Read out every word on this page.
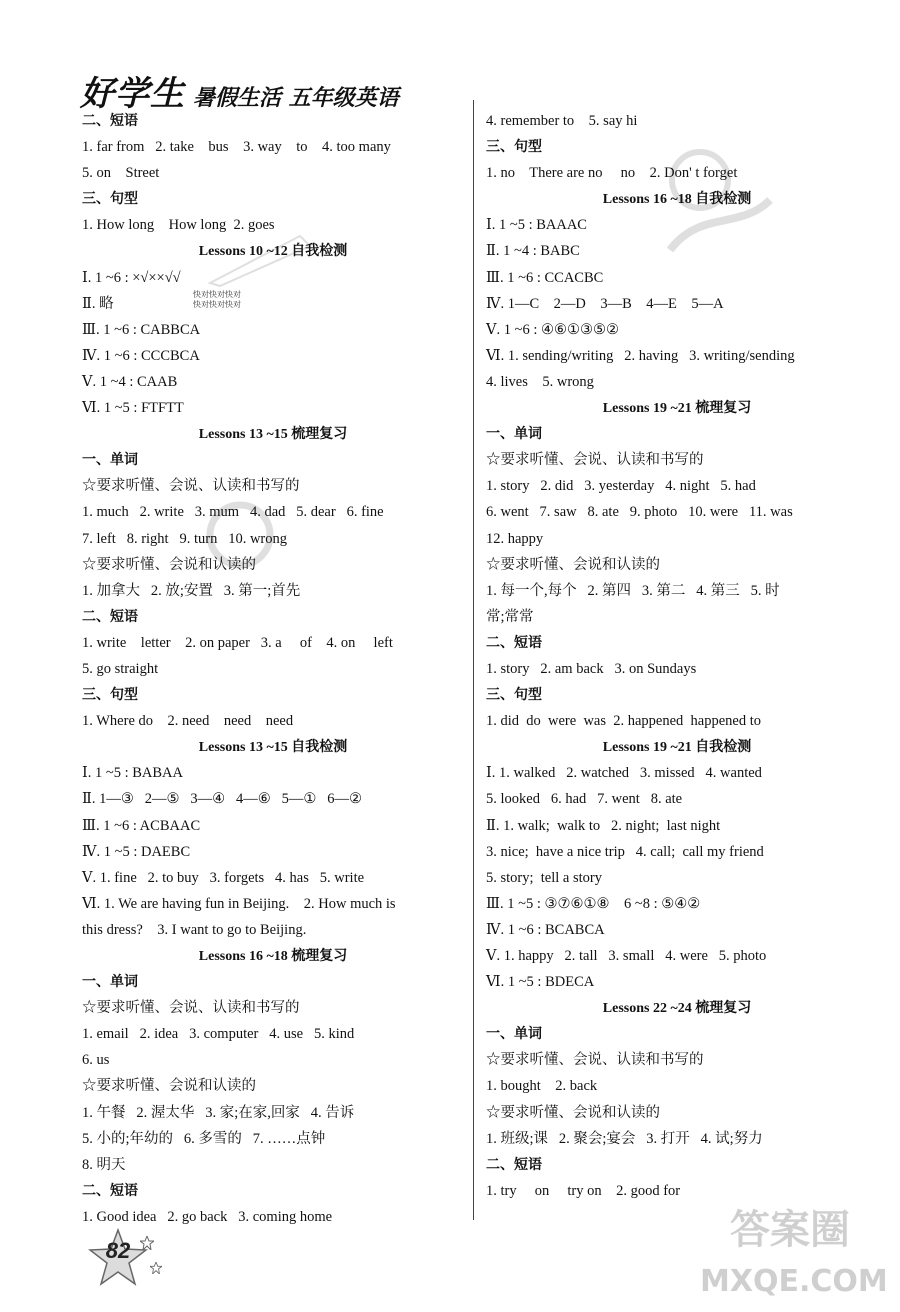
好学生 暑假生活 五年级英语
二、短语
1. far from   2. take    bus    3. way    to    4. too many
5. on    Street
三、句型
1. How long    How long  2. goes
Lessons 10 ~12 自我检测
Ⅰ. 1 ~6 : ×√××√√
Ⅱ. 略
Ⅲ. 1 ~6 : CABBCA
Ⅳ. 1 ~6 : CCCBCA
Ⅴ. 1 ~4 : CAAB
Ⅵ. 1 ~5 : FTFTT
Lessons 13 ~15 梳理复习
一、单词
☆要求听懂、会说、认读和书写的
1. much   2. write   3. mum   4. dad   5. dear   6. fine
7. left   8. right   9. turn   10. wrong
☆要求听懂、会说和认读的
1. 加拿大   2. 放;安置   3. 第一;首先
二、短语
1. write    letter    2. on paper   3. a     of    4. on     left
5. go straight
三、句型
1. Where do    2. need    need    need
Lessons 13 ~15 自我检测
Ⅰ. 1 ~5 : BABAA
Ⅱ. 1—③   2—⑤   3—④   4—⑥   5—①   6—②
Ⅲ. 1 ~6 : ACBAAC
Ⅳ. 1 ~5 : DAEBC
Ⅴ. 1. fine   2. to buy   3. forgets   4. has   5. write
Ⅵ. 1. We are having fun in Beijing.    2. How much is
this dress?    3. I want to go to Beijing.
Lessons 16 ~18 梳理复习
一、单词
☆要求听懂、会说、认读和书写的
1. email   2. idea   3. computer   4. use   5. kind
6. us
☆要求听懂、会说和认读的
1. 午餐   2. 渥太华   3. 家;在家,回家   4. 告诉
5. 小的;年幼的   6. 多雪的   7. ……点钟
8. 明天
二、短语
1. Good idea   2. go back   3. coming home
4. remember to    5. say hi
三、句型
1. no    There are no     no    2. Don' t forget
Lessons 16 ~18 自我检测
Ⅰ. 1 ~5 : BAAAC
Ⅱ. 1 ~4 : BABC
Ⅲ. 1 ~6 : CCACBC
Ⅳ. 1—C    2—D    3—B    4—E    5—A
Ⅴ. 1 ~6 : ④⑥①③⑤②
Ⅵ. 1. sending/writing   2. having   3. writing/sending
4. lives    5. wrong
Lessons 19 ~21 梳理复习
一、单词
☆要求听懂、会说、认读和书写的
1. story   2. did   3. yesterday   4. night   5. had
6. went   7. saw   8. ate   9. photo   10. were   11. was
12. happy
☆要求听懂、会说和认读的
1. 每一个,每个   2. 第四   3. 第二   4. 第三   5. 时
常;常常
二、短语
1. story   2. am back   3. on Sundays
三、句型
1. did  do  were  was  2. happened  happened to
Lessons 19 ~21 自我检测
Ⅰ. 1. walked   2. watched   3. missed   4. wanted
5. looked   6. had   7. went   8. ate
Ⅱ. 1. walk;  walk to   2. night;  last night
3. nice;  have a nice trip   4. call;  call my friend
5. story;  tell a story
Ⅲ. 1 ~5 : ③⑦⑥①⑧    6 ~8 : ⑤④②
Ⅳ. 1 ~6 : BCABCA
Ⅴ. 1. happy   2. tall   3. small   4. were   5. photo
Ⅵ. 1 ~5 : BDECA
Lessons 22 ~24 梳理复习
一、单词
☆要求听懂、会说、认读和书写的
1. bought    2. back
☆要求听懂、会说和认读的
1. 班级;课   2. 聚会;宴会   3. 打开   4. 试;努力
二、短语
1. try     on     try on    2. good for
快对快对快对
快对快对快对
82	答案圈
MXQE.COM
